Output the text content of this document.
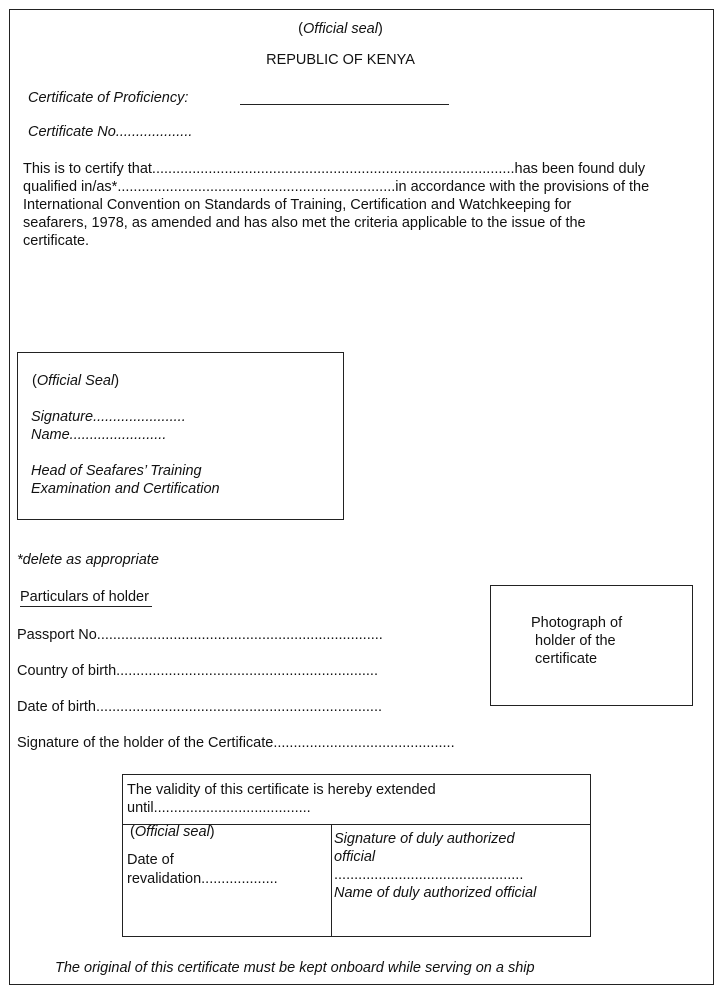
(Official seal)
REPUBLIC OF KENYA
Certificate of Proficiency:
Certificate No...................
This is to certify that..........................................................................................has been found duly
qualified in/as*.....................................................................in accordance with the provisions of the
International Convention on Standards of Training, Certification and Watchkeeping for
seafarers, 1978, as amended and has also met the criteria applicable to the issue of the
certificate.
(Official Seal)
Signature.......................
Name........................
Head of Seafares’ Training
Examination and Certification
*delete as appropriate
Particulars of holder
Passport No.......................................................................
Country of birth.................................................................
Date of birth.......................................................................
Signature of the holder of the Certificate.............................................
Photograph of
holder of the
certificate
The validity of this certificate is hereby extended
until.......................................
(Official seal)
Date of
revalidation...................
Signature of duly authorized
official
...............................................
Name of duly authorized official
The original of this certificate must be kept onboard while serving on a ship
